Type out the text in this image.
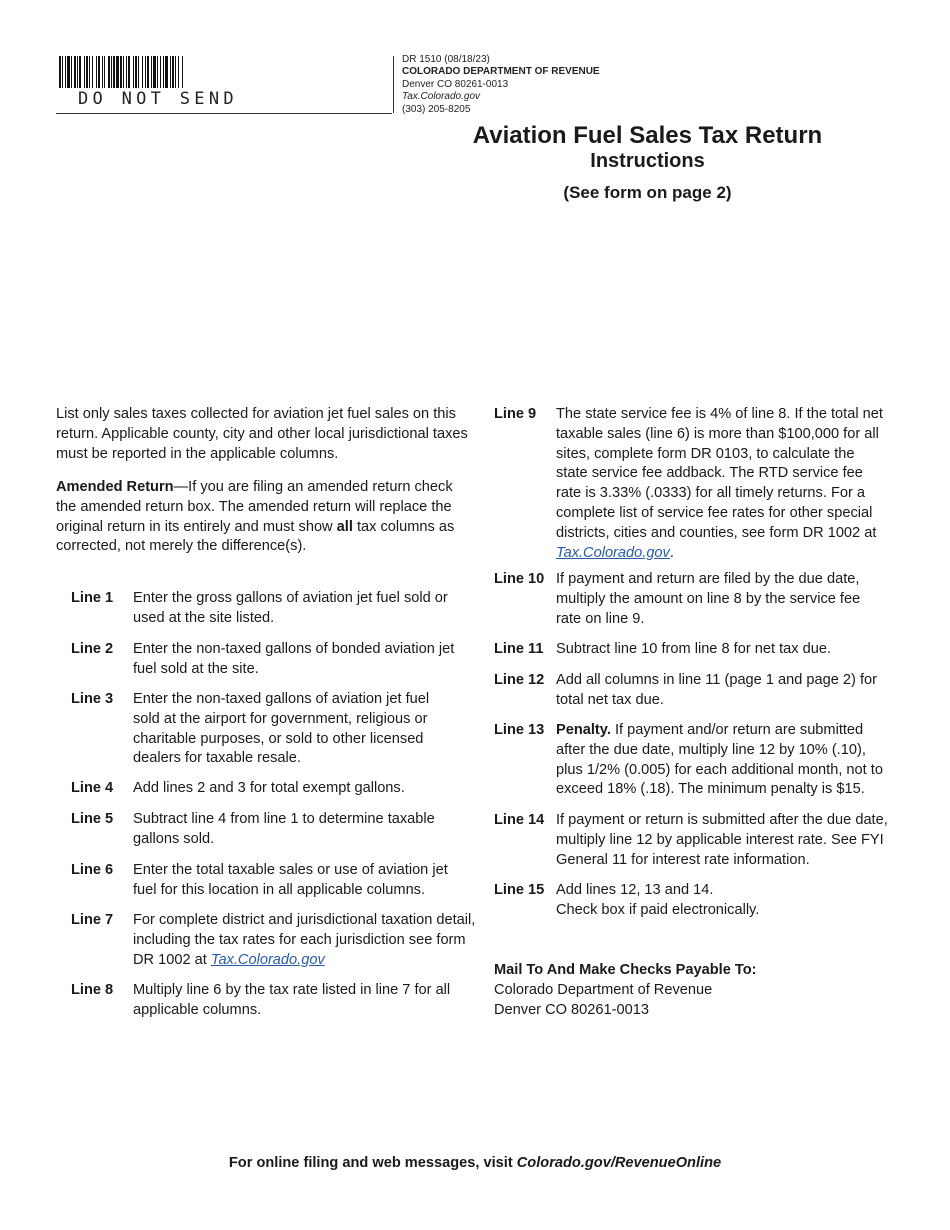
DO NOT SEND
DR 1510 (08/18/23)
COLORADO DEPARTMENT OF REVENUE
Denver CO 80261-0013
Tax.Colorado.gov
(303) 205-8205
Aviation Fuel Sales Tax Return
Instructions
(See form on page 2)
List only sales taxes collected for aviation jet fuel sales on this return. Applicable county, city and other local jurisdictional taxes must be reported in the applicable columns.
Amended Return—If you are filing an amended return check the amended return box. The amended return will replace the original return in its entirely and must show all tax columns as corrected, not merely the difference(s).
Line 1 Enter the gross gallons of aviation jet fuel sold or used at the site listed.
Line 2 Enter the non-taxed gallons of bonded aviation jet fuel sold at the site.
Line 3 Enter the non-taxed gallons of aviation jet fuel sold at the airport for government, religious or charitable purposes, or sold to other licensed dealers for taxable resale.
Line 4 Add lines 2 and 3 for total exempt gallons.
Line 5 Subtract line 4 from line 1 to determine taxable gallons sold.
Line 6 Enter the total taxable sales or use of aviation jet fuel for this location in all applicable columns.
Line 7 For complete district and jurisdictional taxation detail, including the tax rates for each jurisdiction see form DR 1002 at Tax.Colorado.gov
Line 8 Multiply line 6 by the tax rate listed in line 7 for all applicable columns.
Line 9 The state service fee is 4% of line 8. If the total net taxable sales (line 6) is more than $100,000 for all sites, complete form DR 0103, to calculate the state service fee addback. The RTD service fee rate is 3.33% (.0333) for all timely returns. For a complete list of service fee rates for other special districts, cities and counties, see form DR 1002 at Tax.Colorado.gov.
Line 10 If payment and return are filed by the due date, multiply the amount on line 8 by the service fee rate on line 9.
Line 11 Subtract line 10 from line 8 for net tax due.
Line 12 Add all columns in line 11 (page 1 and page 2) for total net tax due.
Line 13 Penalty. If payment and/or return are submitted after the due date, multiply line 12 by 10% (.10), plus 1/2% (0.005) for each additional month, not to exceed 18% (.18). The minimum penalty is $15.
Line 14 If payment or return is submitted after the due date, multiply line 12 by applicable interest rate. See FYI General 11 for interest rate information.
Line 15 Add lines 12, 13 and 14.
Check box if paid electronically.
Mail To And Make Checks Payable To:
Colorado Department of Revenue
Denver CO 80261-0013
For online filing and web messages, visit Colorado.gov/RevenueOnline
